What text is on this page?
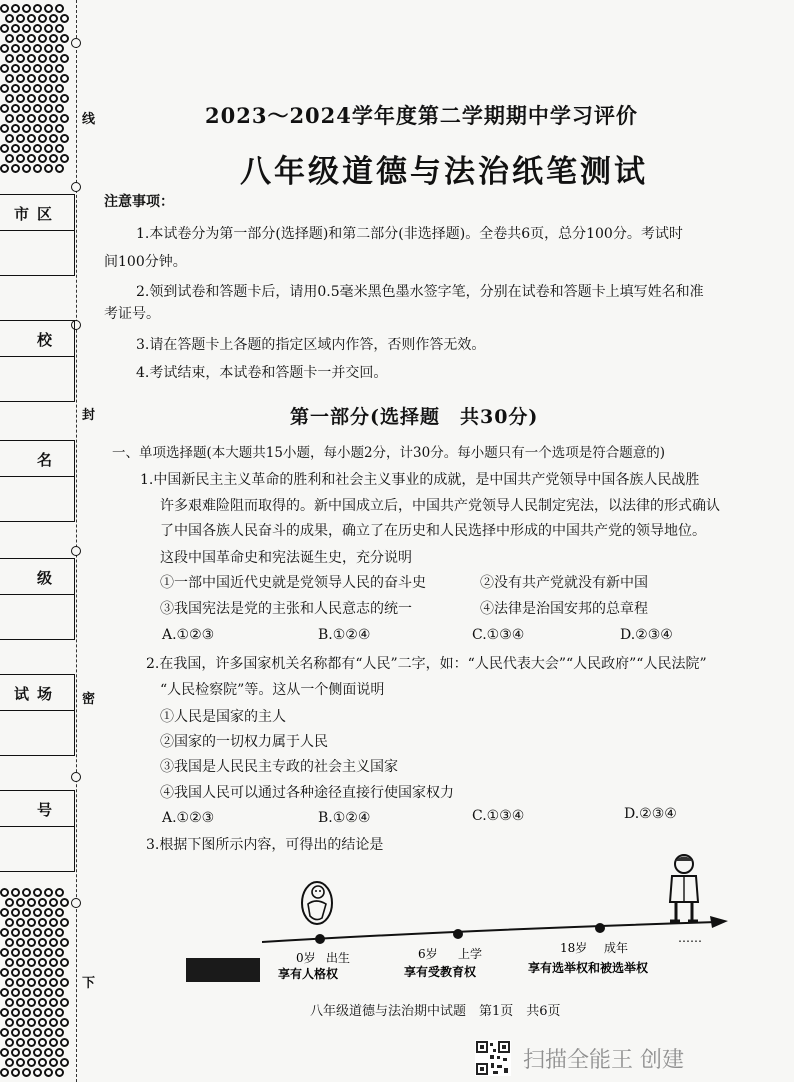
线
封
密
下
市区
校
名
级
试场
号
2023～2024学年度第二学期期中学习评价
八年级道德与法治纸笔测试
注意事项：
1.本试卷分为第一部分(选择题)和第二部分(非选择题)。全卷共6页，总分100分。考试时
间100分钟。
2.领到试卷和答题卡后，请用0.5毫米黑色墨水签字笔，分别在试卷和答题卡上填写姓名和准
考证号。
3.请在答题卡上各题的指定区域内作答，否则作答无效。
4.考试结束，本试卷和答题卡一并交回。
第一部分(选择题　共30分)
一、单项选择题(本大题共15小题，每小题2分，计30分。每小题只有一个选项是符合题意的)
1.中国新民主主义革命的胜利和社会主义事业的成就，是中国共产党领导中国各族人民战胜
许多艰难险阻而取得的。新中国成立后，中国共产党领导人民制定宪法，以法律的形式确认
了中国各族人民奋斗的成果，确立了在历史和人民选择中形成的中国共产党的领导地位。
这段中国革命史和宪法诞生史，充分说明
①一部中国近代史就是党领导人民的奋斗史	②没有共产党就没有新中国
③我国宪法是党的主张和人民意志的统一	④法律是治国安邦的总章程
A.①②③	B.①②④	C.①③④	D.②③④
2.在我国，许多国家机关名称都有“人民”二字，如：“人民代表大会”“人民政府”“人民法院”
“人民检察院”等。这从一个侧面说明
①人民是国家的主人
②国家的一切权力属于人民
③我国是人民民主专政的社会主义国家
④我国人民可以通过各种途径直接行使国家权力
A.①②③	B.①②④	C.①③④	D.②③④
3.根据下图所示内容，可得出的结论是
0岁 出生
享有人格权
6岁 上学
享有受教育权
18岁 成年
享有选举权和被选举权
……
八年级道德与法治期中试题　第1页　共6页
扫描全能王 创建
